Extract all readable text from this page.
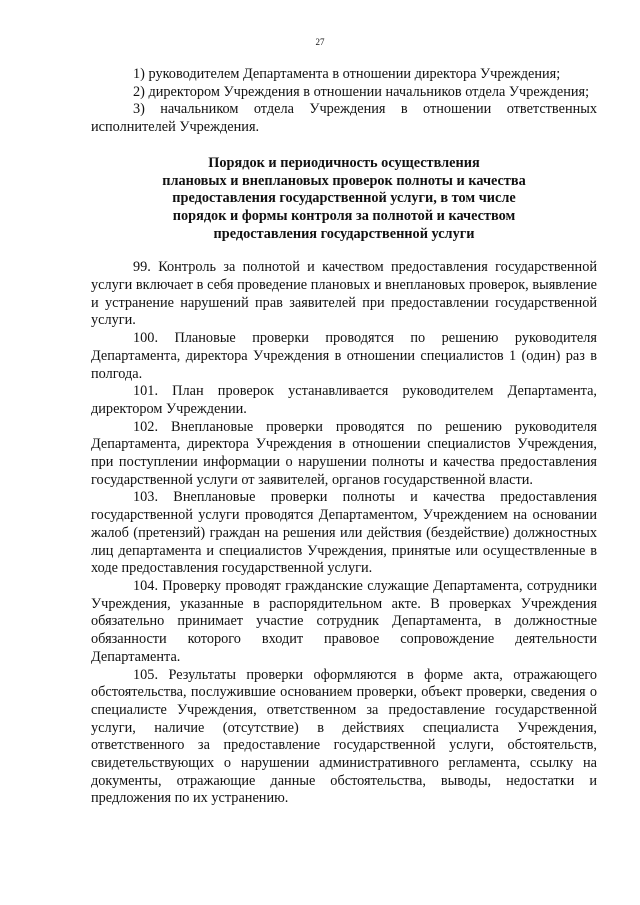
27

1) руководителем Департамента в отношении директора Учреждения;

2) директором Учреждения в отношении начальников отдела Учреждения;

3) начальником отдела Учреждения в отношении ответственных исполнителей Учреждения.

Порядок и периодичность осуществления
плановых и внеплановых проверок полноты и качества
предоставления государственной услуги, в том числе
порядок и формы контроля за полнотой и качеством
предоставления государственной услуги

99. Контроль за полнотой и качеством предоставления государственной услуги включает в себя проведение плановых и внеплановых проверок, выявление и устранение нарушений прав заявителей при предоставлении государственной услуги.

100. Плановые проверки проводятся по решению руководителя Департамента, директора Учреждения в отношении специалистов 1 (один) раз в полгода.

101. План проверок устанавливается руководителем Департамента, директором Учреждении.

102. Внеплановые проверки проводятся по решению руководителя Департамента, директора Учреждения в отношении специалистов Учреждения, при поступлении информации о нарушении полноты и качества предоставления государственной услуги от заявителей, органов государственной власти.

103. Внеплановые проверки полноты и качества предоставления государственной услуги проводятся Департаментом, Учреждением на основании жалоб (претензий) граждан на решения или действия (бездействие) должностных лиц департамента и специалистов Учреждения, принятые или осуществленные в ходе предоставления государственной услуги.

104. Проверку проводят гражданские служащие Департамента, сотрудники Учреждения, указанные в распорядительном акте. В проверках Учреждения обязательно принимает участие сотрудник Департамента, в должностные обязанности которого входит правовое сопровождение деятельности Департамента.

105. Результаты проверки оформляются в форме акта, отражающего обстоятельства, послужившие основанием проверки, объект проверки, сведения о специалисте Учреждения, ответственном за предоставление государственной услуги, наличие (отсутствие) в действиях специалиста Учреждения, ответственного за предоставление государственной услуги, обстоятельств, свидетельствующих о нарушении административного регламента, ссылку на документы, отражающие данные обстоятельства, выводы, недостатки и предложения по их устранению.
